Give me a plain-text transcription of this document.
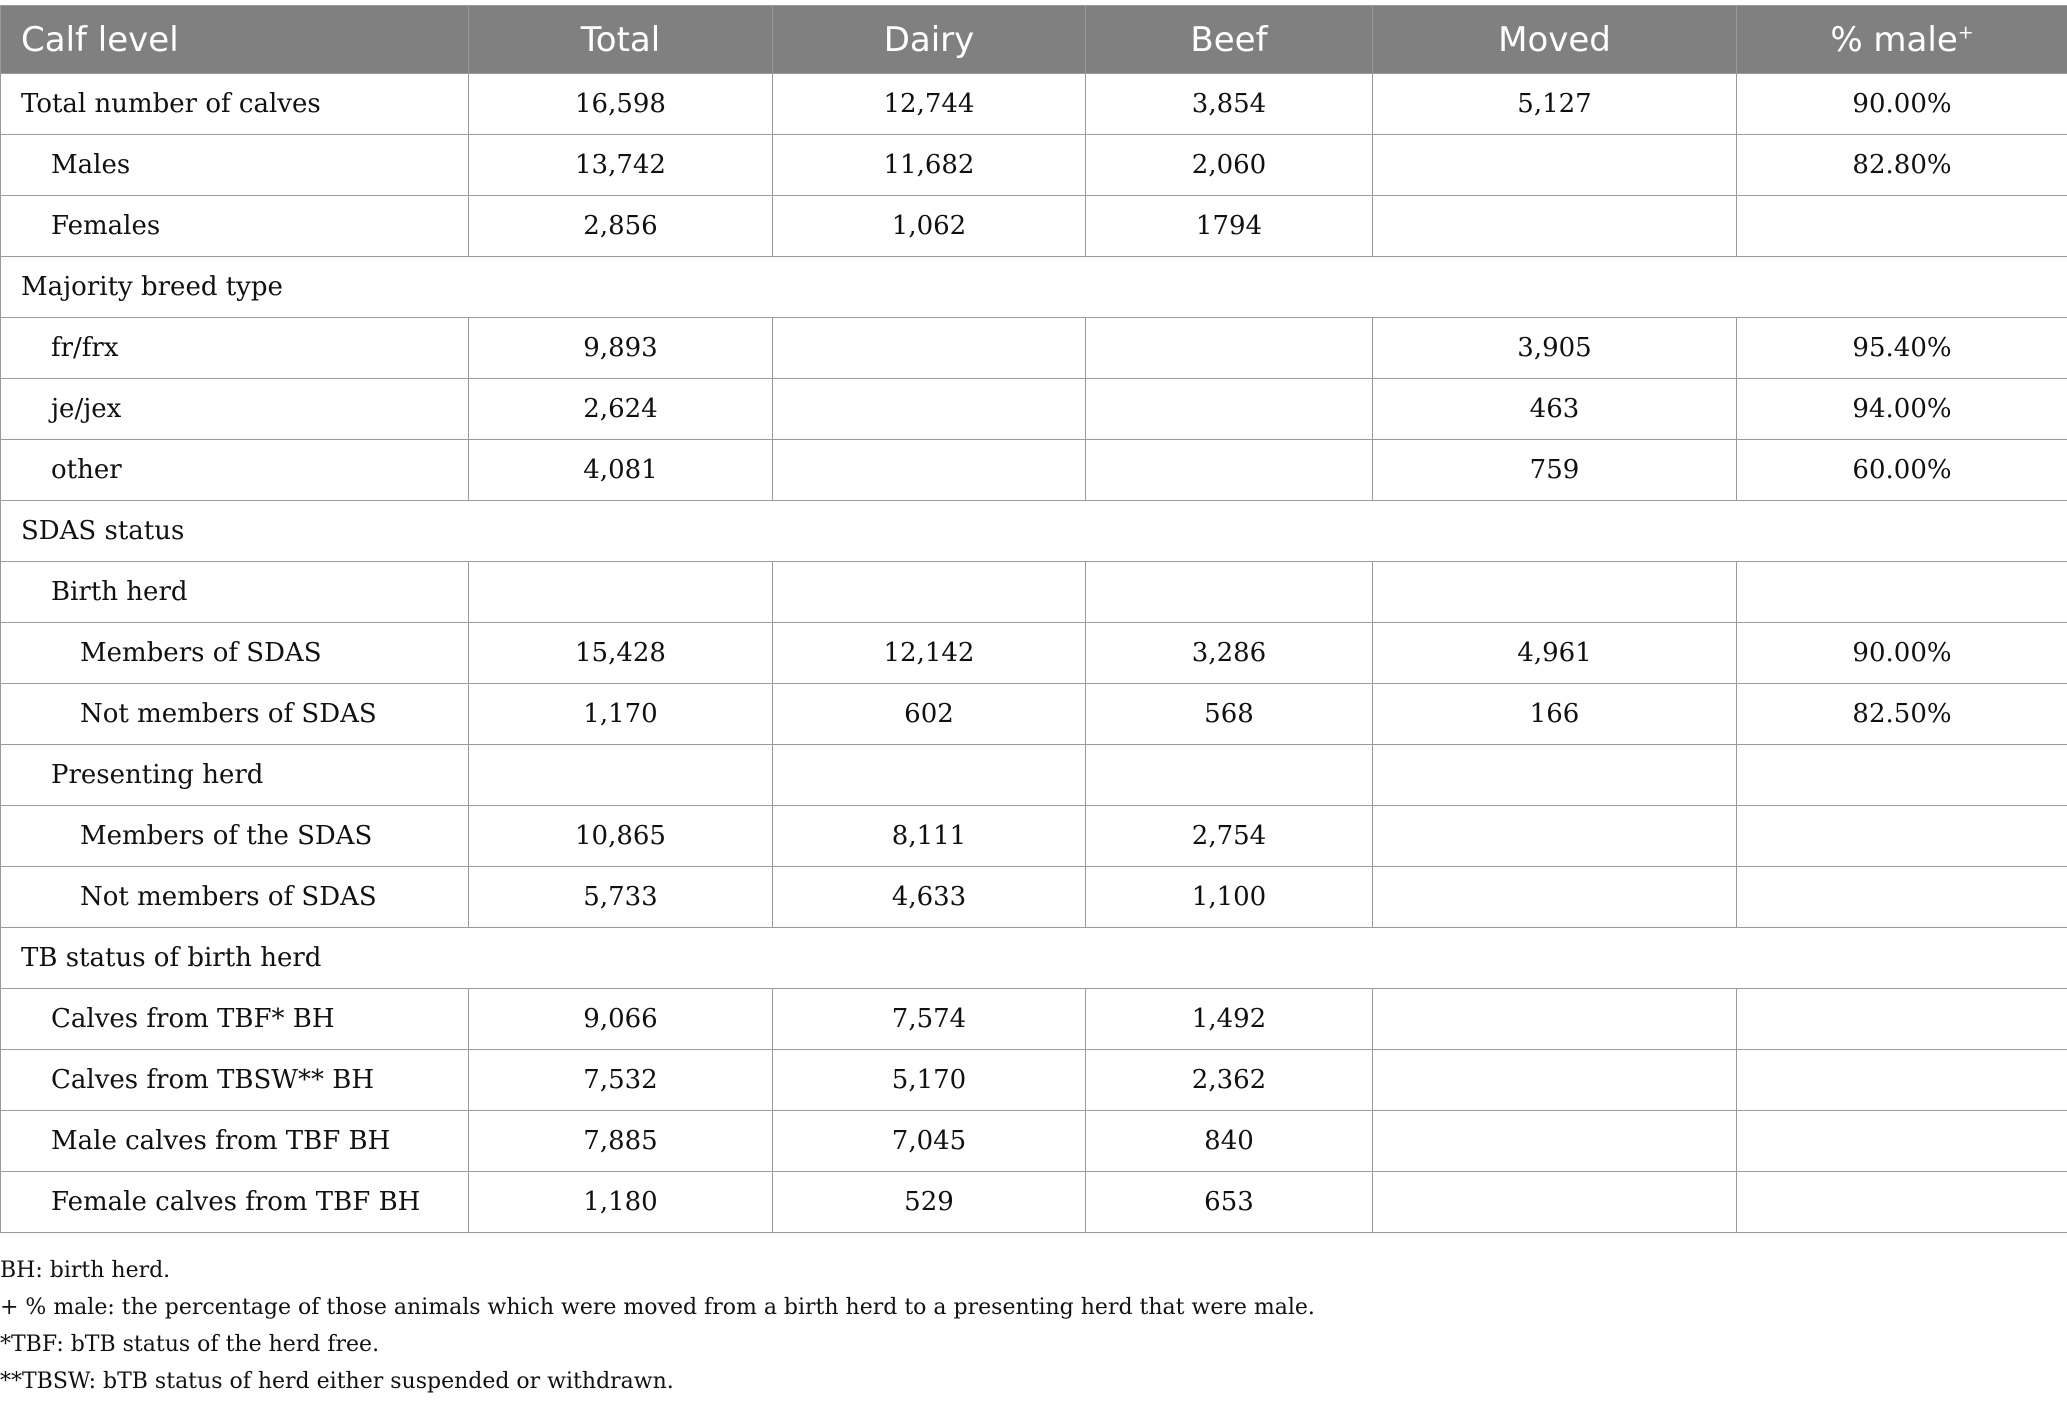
Calf level	Total	Dairy	Beef	Moved	% male+
Total number of calves	16,598	12,744	3,854	5,127	90.00%
Males	13,742	11,682	2,060		82.80%
Females	2,856	1,062	1794		
Majority breed type					
fr/frx	9,893			3,905	95.40%
je/jex	2,624			463	94.00%
other	4,081			759	60.00%
SDAS status					
Birth herd					
Members of SDAS	15,428	12,142	3,286	4,961	90.00%
Not members of SDAS	1,170	602	568	166	82.50%
Presenting herd					
Members of the SDAS	10,865	8,111	2,754		
Not members of SDAS	5,733	4,633	1,100		
TB status of birth herd					
Calves from TBF* BH	9,066	7,574	1,492		
Calves from TBSW** BH	7,532	5,170	2,362		
Male calves from TBF BH	7,885	7,045	840		
Female calves from TBF BH	1,180	529	653		
BH: birth herd.
+ % male: the percentage of those animals which were moved from a birth herd to a presenting herd that were male.
*TBF: bTB status of the herd free.
**TBSW: bTB status of herd either suspended or withdrawn.
